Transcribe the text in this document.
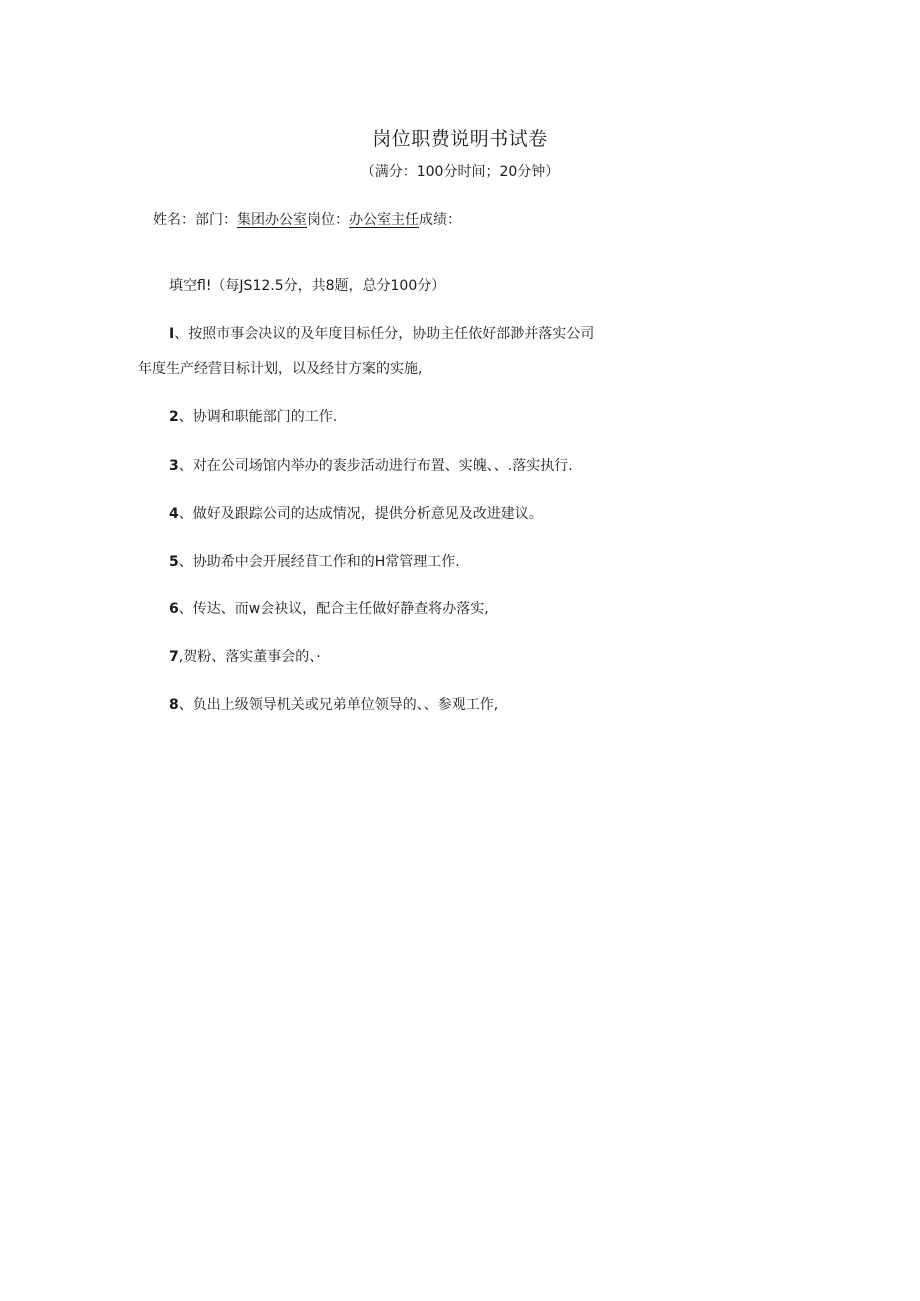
岗位职费说明书试卷
（满分：100分时间；20分钟）
姓名：部门：集团办公室岗位：办公室主任成绩：
填空fl!（每JS12.5分，共8题，总分100分）
I、按照市事会决议的及年度目标任分，协助主任依好部渺并落实公司
年度生产经营目标计划，以及经甘方案的实施,
2、协调和职能部门的工作.
3、对在公司场馆内举办的袠步活动进行布置、实魄、、.落实执行.
4、做好及跟踪公司的达成情况，提供分析意见及改进建议。
5、协助希中会开展经苜工作和的H常管理工作.
6、传达、而w会袂议，配合主任做好静查将办落实,
7,贺粉、落实董事会的、·
8、负出上级领导机关或兄弟单位领导的、、参观工作,
